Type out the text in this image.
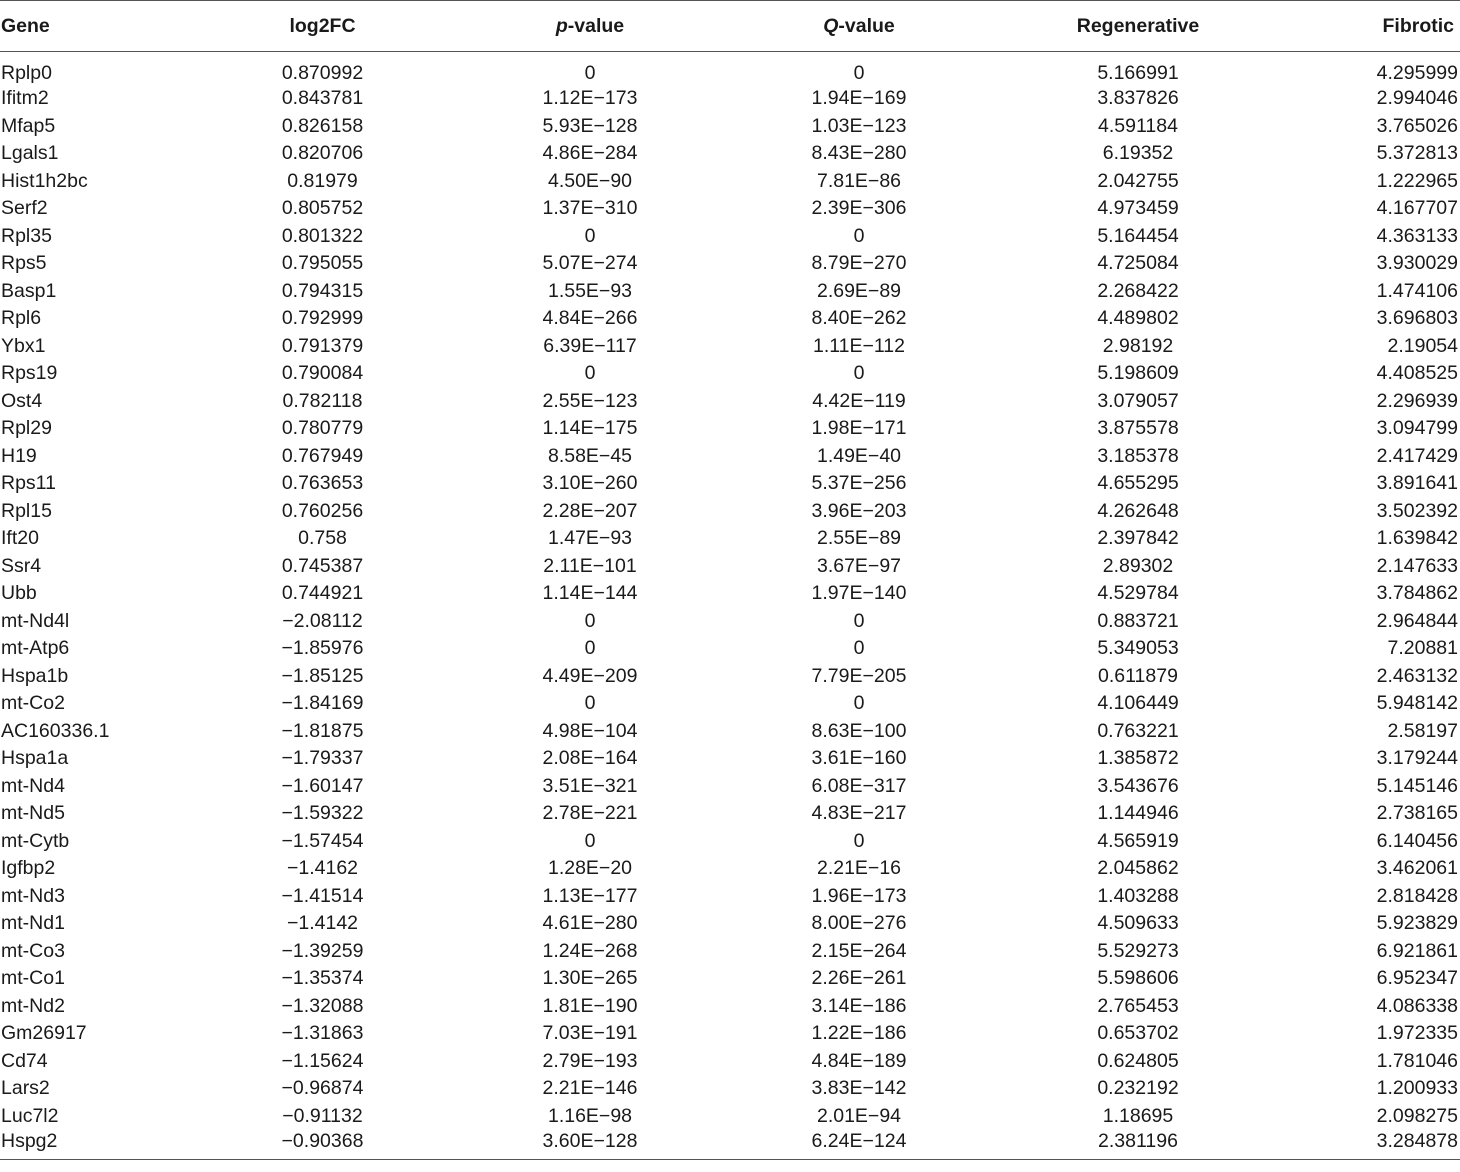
Gene	log2FC	p-value	Q-value	Regenerative	Fibrotic
Rplp0	0.870992	0	0	5.166991	4.295999
Ifitm2	0.843781	1.12E−173	1.94E−169	3.837826	2.994046
Mfap5	0.826158	5.93E−128	1.03E−123	4.591184	3.765026
Lgals1	0.820706	4.86E−284	8.43E−280	6.19352	5.372813
Hist1h2bc	0.81979	4.50E−90	7.81E−86	2.042755	1.222965
Serf2	0.805752	1.37E−310	2.39E−306	4.973459	4.167707
Rpl35	0.801322	0	0	5.164454	4.363133
Rps5	0.795055	5.07E−274	8.79E−270	4.725084	3.930029
Basp1	0.794315	1.55E−93	2.69E−89	2.268422	1.474106
Rpl6	0.792999	4.84E−266	8.40E−262	4.489802	3.696803
Ybx1	0.791379	6.39E−117	1.11E−112	2.98192	2.19054
Rps19	0.790084	0	0	5.198609	4.408525
Ost4	0.782118	2.55E−123	4.42E−119	3.079057	2.296939
Rpl29	0.780779	1.14E−175	1.98E−171	3.875578	3.094799
H19	0.767949	8.58E−45	1.49E−40	3.185378	2.417429
Rps11	0.763653	3.10E−260	5.37E−256	4.655295	3.891641
Rpl15	0.760256	2.28E−207	3.96E−203	4.262648	3.502392
Ift20	0.758	1.47E−93	2.55E−89	2.397842	1.639842
Ssr4	0.745387	2.11E−101	3.67E−97	2.89302	2.147633
Ubb	0.744921	1.14E−144	1.97E−140	4.529784	3.784862
mt-Nd4l	−2.08112	0	0	0.883721	2.964844
mt-Atp6	−1.85976	0	0	5.349053	7.20881
Hspa1b	−1.85125	4.49E−209	7.79E−205	0.611879	2.463132
mt-Co2	−1.84169	0	0	4.106449	5.948142
AC160336.1	−1.81875	4.98E−104	8.63E−100	0.763221	2.58197
Hspa1a	−1.79337	2.08E−164	3.61E−160	1.385872	3.179244
mt-Nd4	−1.60147	3.51E−321	6.08E−317	3.543676	5.145146
mt-Nd5	−1.59322	2.78E−221	4.83E−217	1.144946	2.738165
mt-Cytb	−1.57454	0	0	4.565919	6.140456
Igfbp2	−1.4162	1.28E−20	2.21E−16	2.045862	3.462061
mt-Nd3	−1.41514	1.13E−177	1.96E−173	1.403288	2.818428
mt-Nd1	−1.4142	4.61E−280	8.00E−276	4.509633	5.923829
mt-Co3	−1.39259	1.24E−268	2.15E−264	5.529273	6.921861
mt-Co1	−1.35374	1.30E−265	2.26E−261	5.598606	6.952347
mt-Nd2	−1.32088	1.81E−190	3.14E−186	2.765453	4.086338
Gm26917	−1.31863	7.03E−191	1.22E−186	0.653702	1.972335
Cd74	−1.15624	2.79E−193	4.84E−189	0.624805	1.781046
Lars2	−0.96874	2.21E−146	3.83E−142	0.232192	1.200933
Luc7l2	−0.91132	1.16E−98	2.01E−94	1.18695	2.098275
Hspg2	−0.90368	3.60E−128	6.24E−124	2.381196	3.284878
